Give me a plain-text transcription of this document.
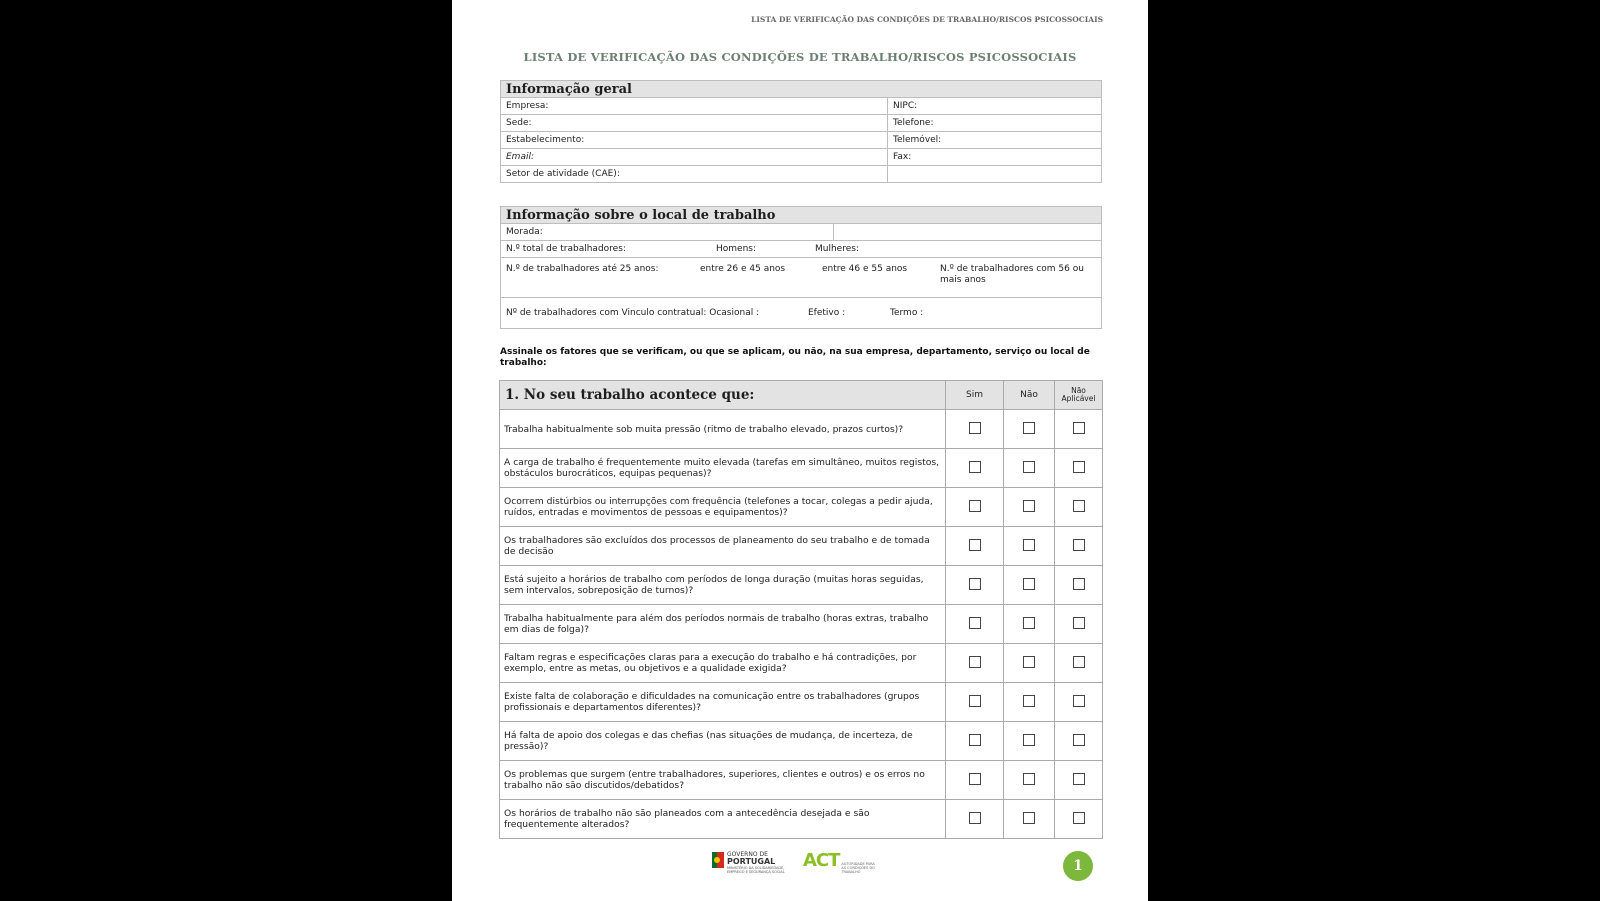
LISTA DE VERIFICAÇÃO DAS CONDIÇÕES DE TRABALHO/RISCOS PSICOSSOCIAIS
LISTA DE VERIFICAÇÃO DAS CONDIÇÕES DE TRABALHO/RISCOS PSICOSSOCIAIS
Informação geral	
Empresa:	NIPC:
Sede:	Telefone:
Estabelecimento:	Telemóvel:
Email:	Fax:
Setor de atividade (CAE):	
Informação sobre o local de trabalho
Morada:	

N.º total de trabalhadores:	Homens:	Mulheres:

N.º de trabalhadores até 25 anos:	entre 26 e 45 anos	entre 46 e 55 anos	N.º de trabalhadores com 56 ou mais anos

Nº de trabalhadores com Vinculo contratual: Ocasional :	Efetivo :	Termo :
Assinale os fatores que se verificam, ou que se aplicam, ou não, na sua empresa, departamento, serviço ou local de trabalho:
1. No seu trabalho acontece que:	Sim	Não	Não Aplicável
Trabalha habitualmente sob muita pressão (ritmo de trabalho elevado, prazos curtos)?			
A carga de trabalho é frequentemente muito elevada (tarefas em simultâneo, muitos registos, obstáculos burocráticos, equipas pequenas)?			
Ocorrem distúrbios ou interrupções com frequência (telefones a tocar, colegas a pedir ajuda, ruídos, entradas e movimentos de pessoas e equipamentos)?			
Os trabalhadores são excluídos dos processos de planeamento do seu trabalho e de tomada de decisão			
Está sujeito a horários de trabalho com períodos de longa duração (muitas horas seguidas, sem intervalos, sobreposição de turnos)?			
Trabalha habitualmente para além dos períodos normais de trabalho (horas extras, trabalho em dias de folga)?			
Faltam regras e especificações claras para a execução do trabalho e há contradições, por exemplo, entre as metas, ou objetivos e a qualidade exigida?			
Existe falta de colaboração e dificuldades na comunicação entre os trabalhadores (grupos profissionais e departamentos diferentes)?			
Há falta de apoio dos colegas e das chefias (nas situações de mudança, de incerteza, de pressão)?			
Os problemas que surgem (entre trabalhadores, superiores, clientes e outros) e os erros no trabalho não são discutidos/debatidos?			
Os horários de trabalho não são planeados com a antecedência desejada e são frequentemente alterados?			
GOVERNO DE
PORTUGAL
MINISTÉRIO DA SOLIDARIEDADE, EMPREGO E SEGURANÇA SOCIAL
ACT AUTORIDADE PARA AS CONDIÇÕES DO TRABALHO	1
